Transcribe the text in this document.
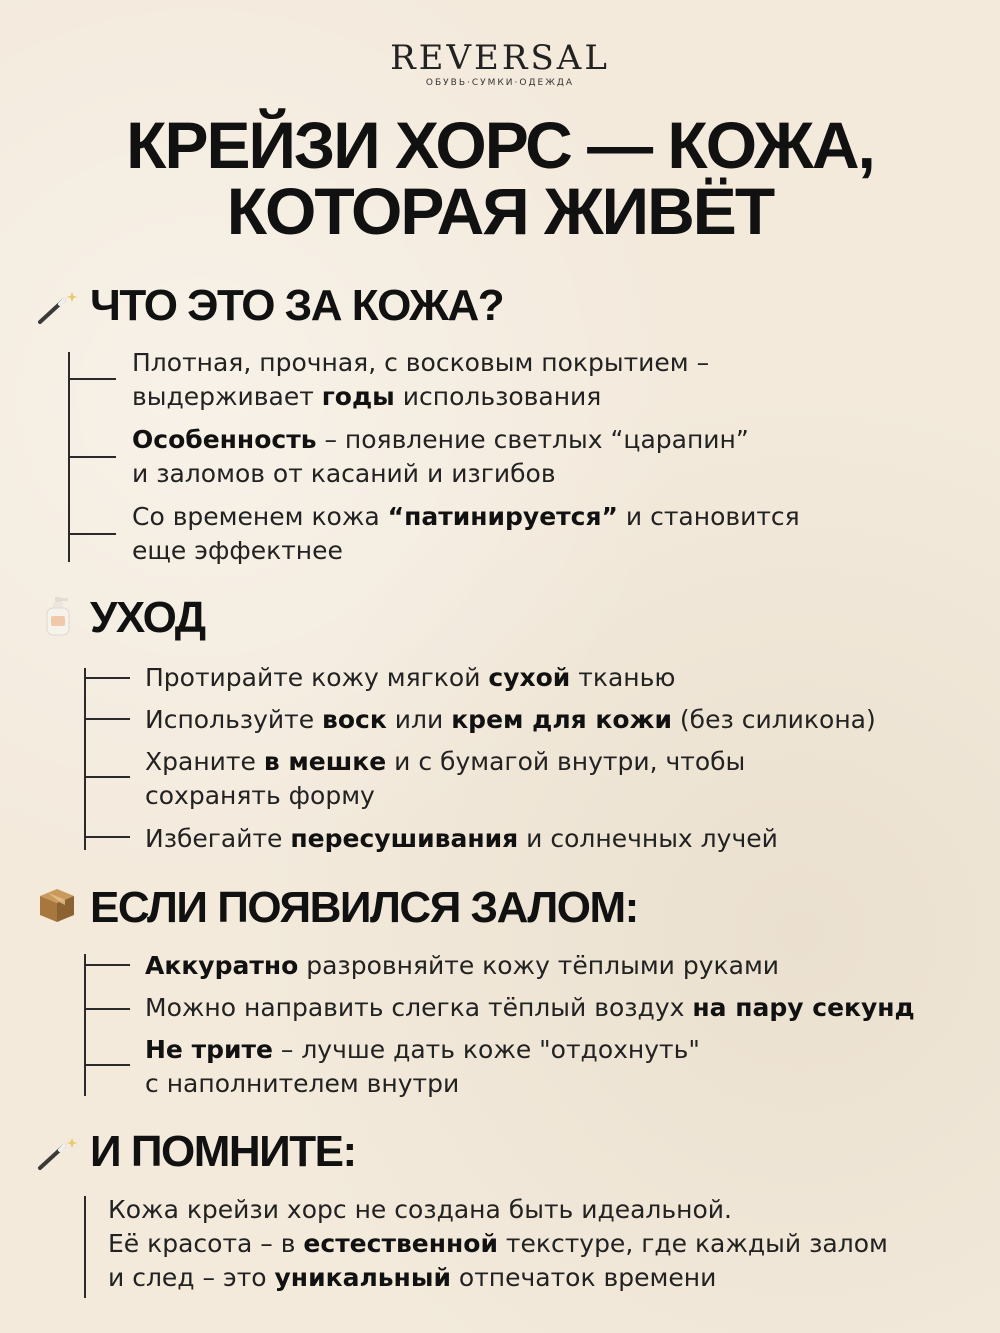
REVERSAL
ОБУВЬ·СУМКИ·ОДЕЖДА
КРЕЙЗИ ХОРС — КОЖА,
КОТОРАЯ ЖИВЁТ
ЧТО ЭТО ЗА КОЖА?
Плотная, прочная, с восковым покрытием –
выдерживает годы использования
Особенность – появление светлых “царапин”
и заломов от касаний и изгибов
Со временем кожа “патинируется” и становится
еще эффектнее
УХОД
Протирайте кожу мягкой сухой тканью
Используйте воск или крем для кожи (без силикона)
Храните в мешке и с бумагой внутри, чтобы
сохранять форму
Избегайте пересушивания и солнечных лучей
ЕСЛИ ПОЯВИЛСЯ ЗАЛОМ:
Аккуратно разровняйте кожу тёплыми руками
Можно направить слегка тёплый воздух на пару секунд
Не трите – лучше дать коже "отдохнуть"
с наполнителем внутри
И ПОМНИТЕ:
Кожа крейзи хорс не создана быть идеальной.
Её красота – в естественной текстуре, где каждый залом
и след – это уникальный отпечаток времени
